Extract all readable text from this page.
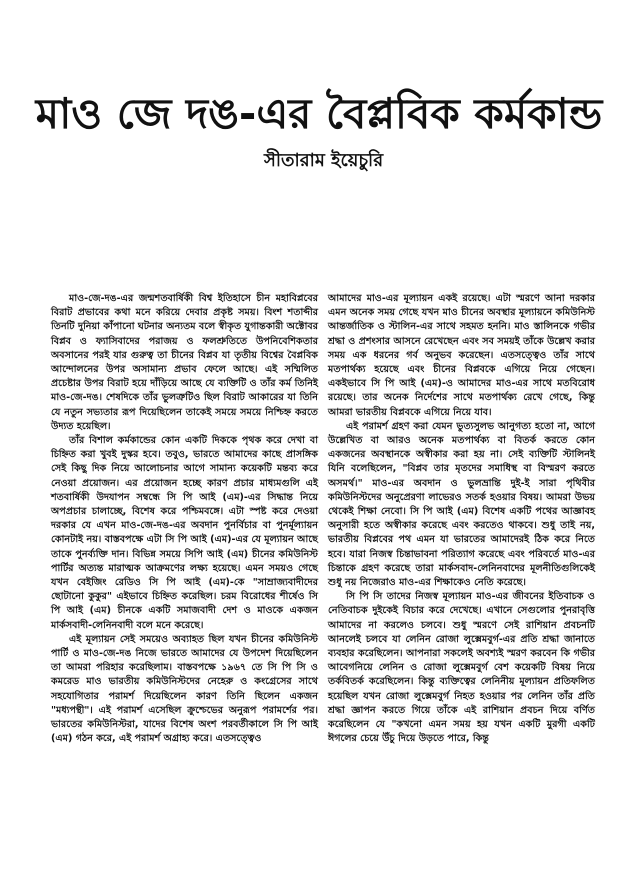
মাও জে দঙ-এর বৈপ্লবিক কর্মকান্ড
সীতারাম ইয়েচুরি

মাও-জে-দঙ-এর জন্মশতবার্ষিকী বিশ্ব ইতিহাসে চীন মহাবিপ্লবের বিরাট প্রভাবের কথা মনে করিয়ে দেবার প্রকৃষ্ট সময়। বিংশ শতাব্দীর তিনটি দুনিয়া কাঁপানো ঘটনার অন্যতম বলে স্বীকৃত যুগান্তকারী অক্টোবর বিপ্লব ও ফ্যাসিবাদের পরাজয় ও ফলশ্রুতিতে উপনিবেশিকতার অবসানের পরই যার গুরুত্ব তা চীনের বিপ্লব যা তৃতীয় বিশ্বের বৈপ্লবিক আন্দোলনের উপর অসামান্য প্রভাব ফেলে আছে। এই সম্মিলিত প্রচেষ্টার উপর বিরাট হয়ে দাঁড়িয়ে আছে যে ব্যক্তিটি ও তাঁর কর্ম তিনিই মাও-জে-দঙ। শেষদিকে তাঁর ভুলত্রুটিও ছিল বিরাট আকারের যা তিনি যে নতুন সভ্যতার রূপ দিয়েছিলেন তাকেই সময়ে সময়ে নিশ্চিহ্ন করতে উদ্যত হয়েছিল।

তাঁর বিশাল কর্মকান্ডের কোন একটি দিককে পৃথক করে দেখা বা চিহ্নিত করা খুবই দুস্কর হবে। তবুও, ভারতে আমাদের কাছে প্রাসঙ্গিক সেই কিছু দিক নিয়ে আলোচনার আগে সামান্য কয়েকটি মন্তব্য করে নেওয়া প্রয়োজন। এর প্রয়োজন হচ্ছে কারণ প্রচার মাধ্যমগুলি এই শতবার্ষিকী উদযাপন সম্বন্ধে সি পি আই (এম)-এর সিদ্ধান্ত নিয়ে অপপ্রচার চালাচ্ছে, বিশেষ করে পশ্চিমবঙ্গে। এটা স্পষ্ট করে দেওয়া দরকার যে এখন মাও-জে-দঙ-এর অবদান পুনর্বিচার বা পুনর্মূল্যায়ন কোনটাই নয়। বাস্তবপক্ষে এটা সি পি আই (এম)-এর যে মূল্যায়ন আছে তাকে পুনর্ব্যক্তি দান। বিভিন্ন সময়ে সিপি আই (এম) চীনের কমিউনিস্ট পার্টির অত্যন্ত মারাত্মক আক্রমণের লক্ষ্য হয়েছে। এমন সময়ও গেছে যখন বেইজিং রেডিও সি পি আই (এম)-কে "সাম্রাজ্যবাদীদের ছোটানো কুকুর" এইভাবে চিহ্নিত করেছিল। চরম বিরোধের শীর্ষেও সি পি আই (এম) চীনকে একটি সমাজবাদী দেশ ও মাওকে একজন মার্কসবাদী-লেনিনবাদী বলে মনে করেছে।

এই মূল্যায়ন সেই সময়েও অব্যাহত ছিল যখন চীনের কমিউনিস্ট পার্টি ও মাও-জে-দঙ নিজে ভারতে আমাদের যে উপদেশ দিয়েছিলেন তা আমরা পরিহার করেছিলাম। বাস্তবপক্ষে ১৯৬৭ তে সি পি সি ও কমরেড মাও ভারতীয় কমিউনিস্টদের নেহেরু ও কংগ্রেসের সাথে সহযোগিতার পরামর্শ দিয়েছিলেন কারণ তিনি ছিলেন একজন "মধ্যপন্থী"। এই পরামর্শ এসেছিল ক্রুশ্চেভের অনুরূপ পরামর্শের পর। ভারতের কমিউনিস্টরা, যাদের বিশেষ অংশ পরবর্তীকালে সি পি আই (এম) গঠন করে, এই পরামর্শ অগ্রাহ্য করে। এতসত্ত্বেও

আমাদের মাও-এর মূল্যায়ন একই রয়েছে। এটা স্মরণে আনা দরকার এমন অনেক সময় গেছে যখন মাও চীনের অবস্থার মূল্যায়নে কমিউনিস্ট আন্তর্জাতিক ও স্টালিন-এর সাথে সহমত হননি। মাও স্তালিনকে গভীর শ্রদ্ধা ও প্রশংসার আসনে রেখেছেন এবং সব সময়ই তাঁকে উল্লেখ করার সময় এক ধরনের গর্ব অনুভব করেছেন। এতসত্ত্বেও তাঁর সাথে মতপার্থক্য হয়েছে এবং চীনের বিপ্লবকে এগিয়ে নিয়ে গেছেন। একইভাবে সি পি আই (এম)-ও আমাদের মাও-এর সাথে মতবিরোধ রয়েছে। তার অনেক নির্দেশের সাথে মতপার্থক্য রেখে গেছে, কিন্তু আমরা ভারতীয় বিপ্লবকে এগিয়ে নিয়ে যাব।

এই পরামর্শ গ্রহণ করা যেমন ভুত্যসুলভ আনুগত্য হতো না, আগে উল্লেখিত বা আরও অনেক মতপার্থক্য বা বিতর্ক করতে কোন একজনের অবস্থানকে অস্বীকার করা হয় না। সেই ব্যক্তিটি স্টালিনই যিনি বলেছিলেন, "বিপ্লব তার মৃতদের সমাধিস্থ বা বিস্মরণ করতে অসমর্থ।" মাও-এর অবদান ও ভুলভ্রান্তি দুই-ই সারা পৃথিবীর কমিউনিস্টদের অনুপ্রেরণা লাভেরও সতর্ক হওয়ার বিষয়। আমরা উভয় থেকেই শিক্ষা নেবো। সি পি আই (এম) বিশেষ একটি পথের আজ্ঞাবহ অনুসারী হতে অস্বীকার করেছে এবং করতেও থাকবে। শুধু তাই নয়, ভারতীয় বিপ্লবের পথ এমন যা ভারতের আমাদেরই ঠিক করে নিতে হবে। যারা নিজস্ব চিন্তাভাবনা পরিত্যাগ করেছে এবং পরিবর্তে মাও-এর চিন্তাকে গ্রহণ করেছে তারা মার্কসবাদ-লেনিনবাদের মূলনীতিগুলিকেই শুধু নয় নিজেরাও মাও-এর শিক্ষাকেও নেতি করেছে।

সি পি সি তাদের নিজস্ব মূল্যায়ন মাও-এর জীবনের ইতিবাচক ও নেতিবাচক দুইকেই বিচার করে দেখেছে। এখানে সেগুলোর পুনরাবৃত্তি আমাদের না করলেও চলবে। শুধু স্মরণে সেই রাশিয়ান প্রবচনটি আনলেই চলবে যা লেনিন রোজা লুক্সেমবুর্গ-এর প্রতি শ্রদ্ধা জানাতে ব্যবহার করেছিলেন। আপনারা সকলেই অবশ্যই স্মরণ করবেন কি গভীর আবেগনিয়ে লেনিন ও রোজা লুক্সেমবুর্গ বেশ কয়েকটি বিষয় নিয়ে তর্কবিতর্ক করেছিলেন। কিন্তু ব্যক্তিত্বের লেনিনীয় মূল্যায়ন প্রতিফলিত হয়েছিল যখন রোজা লুক্সেমবুর্গ নিহত হওয়ার পর লেনিন তাঁর প্রতি শ্রদ্ধা জ্ঞাপন করতে গিয়ে তাঁকে এই রাশিয়ান প্রবচন দিয়ে বর্ণিত করেছিলেন যে "কখনো এমন সময় হয় যখন একটি মুরগী একটি ঈগলের চেয়ে উঁচু দিয়ে উড়তে পারে, কিন্তু
